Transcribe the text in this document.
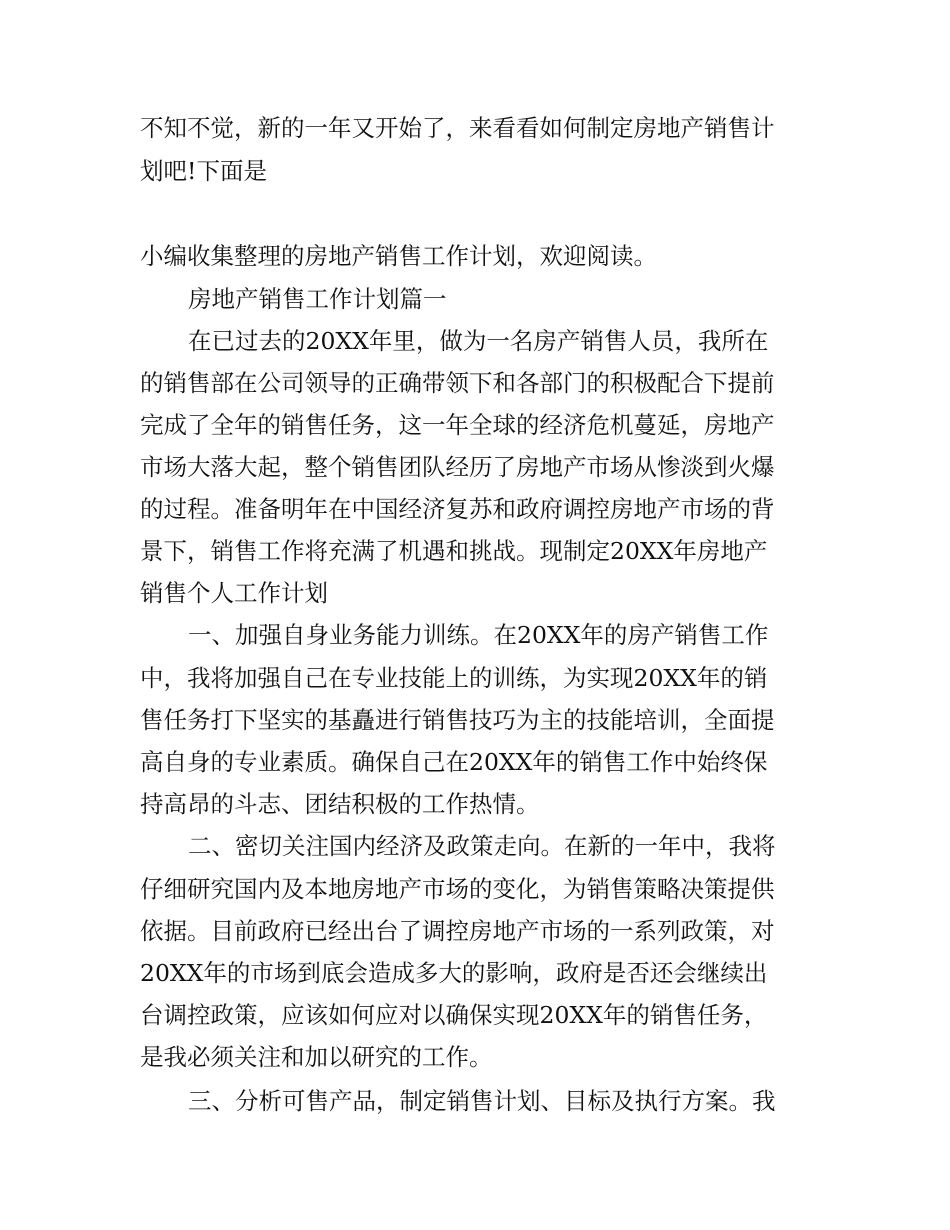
不知不觉，新的一年又开始了，来看看如何制定房地产销售计

划吧!下面是

小编收集整理的房地产销售工作计划，欢迎阅读。

房地产销售工作计划篇一

在已过去的20XX年里，做为一名房产销售人员，我所在

的销售部在公司领导的正确带领下和各部门的积极配合下提前

完成了全年的销售任务，这一年全球的经济危机蔓延，房地产

市场大落大起，整个销售团队经历了房地产市场从惨淡到火爆

的过程。准备明年在中国经济复苏和政府调控房地产市场的背

景下，销售工作将充满了机遇和挑战。现制定20XX年房地产

销售个人工作计划

一、加强自身业务能力训练。在20XX年的房产销售工作

中，我将加强自己在专业技能上的训练，为实现20XX年的销

售任务打下坚实的基矗进行销售技巧为主的技能培训，全面提

高自身的专业素质。确保自己在20XX年的销售工作中始终保

持高昂的斗志、团结积极的工作热情。

二、密切关注国内经济及政策走向。在新的一年中，我将

仔细研究国内及本地房地产市场的变化，为销售策略决策提供

依据。目前政府已经出台了调控房地产市场的一系列政策，对

20XX年的市场到底会造成多大的影响，政府是否还会继续出

台调控政策，应该如何应对以确保实现20XX年的销售任务，

是我必须关注和加以研究的工作。

三、分析可售产品，制定销售计划、目标及执行方案。我
